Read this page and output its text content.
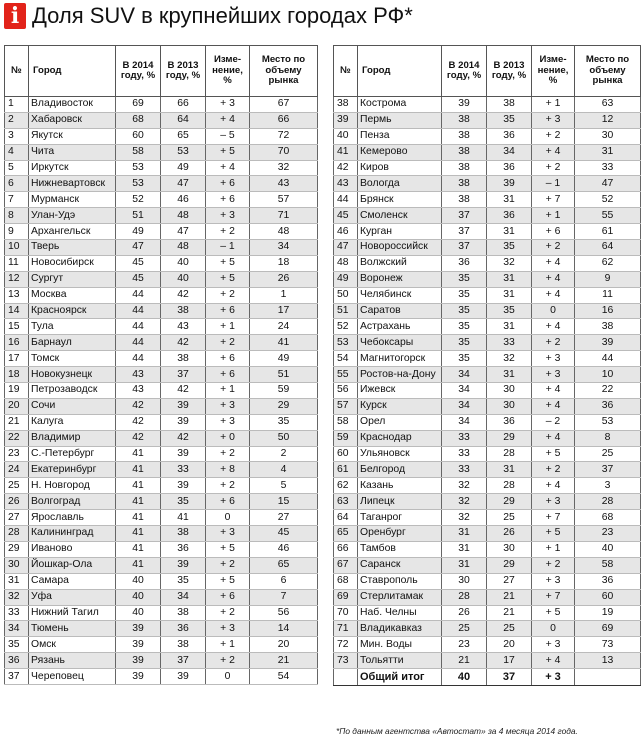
i Доля SUV в крупнейших городах РФ*
№	Город	В 2014 году, %	В 2013 году, %	Изме-нение, %	Место по объему рынка
1	Владивосток	69	66	+ 3	67
2	Хабаровск	68	64	+ 4	66
3	Якутск	60	65	– 5	72
4	Чита	58	53	+ 5	70
5	Иркутск	53	49	+ 4	32
6	Нижневартовск	53	47	+ 6	43
7	Мурманск	52	46	+ 6	57
8	Улан-Удэ	51	48	+ 3	71
9	Архангельск	49	47	+ 2	48
10	Тверь	47	48	– 1	34
11	Новосибирск	45	40	+ 5	18
12	Сургут	45	40	+ 5	26
13	Москва	44	42	+ 2	1
14	Красноярск	44	38	+ 6	17
15	Тула	44	43	+ 1	24
16	Барнаул	44	42	+ 2	41
17	Томск	44	38	+ 6	49
18	Новокузнецк	43	37	+ 6	51
19	Петрозаводск	43	42	+ 1	59
20	Сочи	42	39	+ 3	29
21	Калуга	42	39	+ 3	35
22	Владимир	42	42	+ 0	50
23	С.-Петербург	41	39	+ 2	2
24	Екатеринбург	41	33	+ 8	4
25	Н. Новгород	41	39	+ 2	5
26	Волгоград	41	35	+ 6	15
27	Ярославль	41	41	0	27
28	Калининград	41	38	+ 3	45
29	Иваново	41	36	+ 5	46
30	Йошкар-Ола	41	39	+ 2	65
31	Самара	40	35	+ 5	6
32	Уфа	40	34	+ 6	7
33	Нижний Тагил	40	38	+ 2	56
34	Тюмень	39	36	+ 3	14
35	Омск	39	38	+ 1	20
36	Рязань	39	37	+ 2	21
37	Череповец	39	39	0	54
№	Город	В 2014 году, %	В 2013 году, %	Изме-нение, %	Место по объему рынка
38	Кострома	39	38	+ 1	63
39	Пермь	38	35	+ 3	12
40	Пенза	38	36	+ 2	30
41	Кемерово	38	34	+ 4	31
42	Киров	38	36	+ 2	33
43	Вологда	38	39	– 1	47
44	Брянск	38	31	+ 7	52
45	Смоленск	37	36	+ 1	55
46	Курган	37	31	+ 6	61
47	Новороссийск	37	35	+ 2	64
48	Волжский	36	32	+ 4	62
49	Воронеж	35	31	+ 4	9
50	Челябинск	35	31	+ 4	11
51	Саратов	35	35	0	16
52	Астрахань	35	31	+ 4	38
53	Чебоксары	35	33	+ 2	39
54	Магнитогорск	35	32	+ 3	44
55	Ростов-на-Дону	34	31	+ 3	10
56	Ижевск	34	30	+ 4	22
57	Курск	34	30	+ 4	36
58	Орел	34	36	– 2	53
59	Краснодар	33	29	+ 4	8
60	Ульяновск	33	28	+ 5	25
61	Белгород	33	31	+ 2	37
62	Казань	32	28	+ 4	3
63	Липецк	32	29	+ 3	28
64	Таганрог	32	25	+ 7	68
65	Оренбург	31	26	+ 5	23
66	Тамбов	31	30	+ 1	40
67	Саранск	31	29	+ 2	58
68	Ставрополь	30	27	+ 3	36
69	Стерлитамак	28	21	+ 7	60
70	Наб. Челны	26	21	+ 5	19
71	Владикавказ	25	25	0	69
72	Мин. Воды	23	20	+ 3	73
73	Тольятти	21	17	+ 4	13
	Общий итог	40	37	+ 3	
*По данным агентства «Автостат» за 4 месяца 2014 года.
